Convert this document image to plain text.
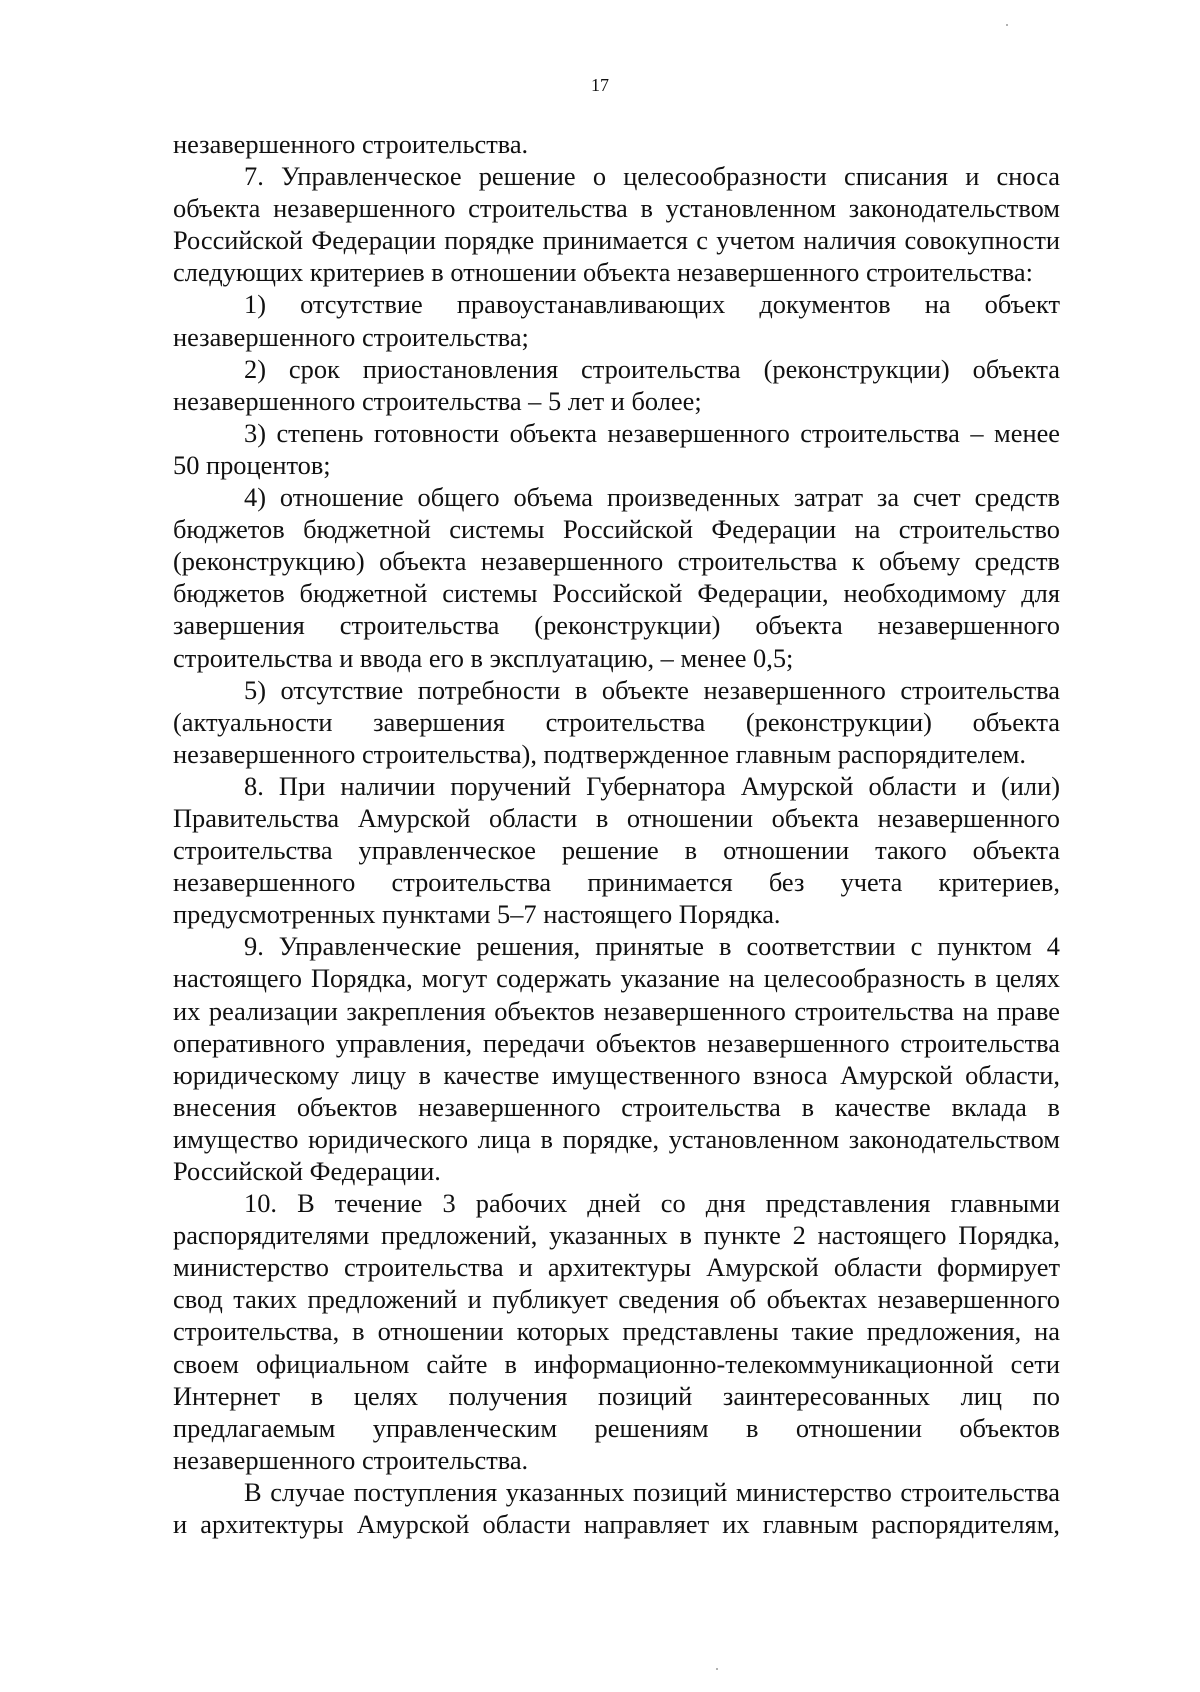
17

незавершенного строительства.

7. Управленческое решение о целесообразности списания и сноса объекта незавершенного строительства в установленном законодательством Российской Федерации порядке принимается с учетом наличия совокупности следующих критериев в отношении объекта незавершенного строительства:

1) отсутствие правоустанавливающих документов на объект незавершенного строительства;

2) срок приостановления строительства (реконструкции) объекта незавершенного строительства – 5 лет и более;

3) степень готовности объекта незавершенного строительства – менее 50 процентов;

4) отношение общего объема произведенных затрат за счет средств бюджетов бюджетной системы Российской Федерации на строительство (реконструкцию) объекта незавершенного строительства к объему средств бюджетов бюджетной системы Российской Федерации, необходимому для завершения строительства (реконструкции) объекта незавершенного строительства и ввода его в эксплуатацию, – менее 0,5;

5) отсутствие потребности в объекте незавершенного строительства (актуальности завершения строительства (реконструкции) объекта незавершенного строительства), подтвержденное главным распорядителем.

8. При наличии поручений Губернатора Амурской области и (или) Правительства Амурской области в отношении объекта незавершенного строительства управленческое решение в отношении такого объекта незавершенного строительства принимается без учета критериев, предусмотренных пунктами 5–7 настоящего Порядка.

9. Управленческие решения, принятые в соответствии с пунктом 4 настоящего Порядка, могут содержать указание на целесообразность в целях их реализации закрепления объектов незавершенного строительства на праве оперативного управления, передачи объектов незавершенного строительства юридическому лицу в качестве имущественного взноса Амурской области, внесения объектов незавершенного строительства в качестве вклада в имущество юридического лица в порядке, установленном законодательством Российской Федерации.

10. В течение 3 рабочих дней со дня представления главными распорядителями предложений, указанных в пункте 2 настоящего Порядка, министерство строительства и архитектуры Амурской области формирует свод таких предложений и публикует сведения об объектах незавершенного строительства, в отношении которых представлены такие предложения, на своем официальном сайте в информационно-телекоммуникационной сети Интернет в целях получения позиций заинтересованных лиц по предлагаемым управленческим решениям в отношении объектов незавершенного строительства.

В случае поступления указанных позиций министерство строительства и архитектуры Амурской области направляет их главным распорядителям,
